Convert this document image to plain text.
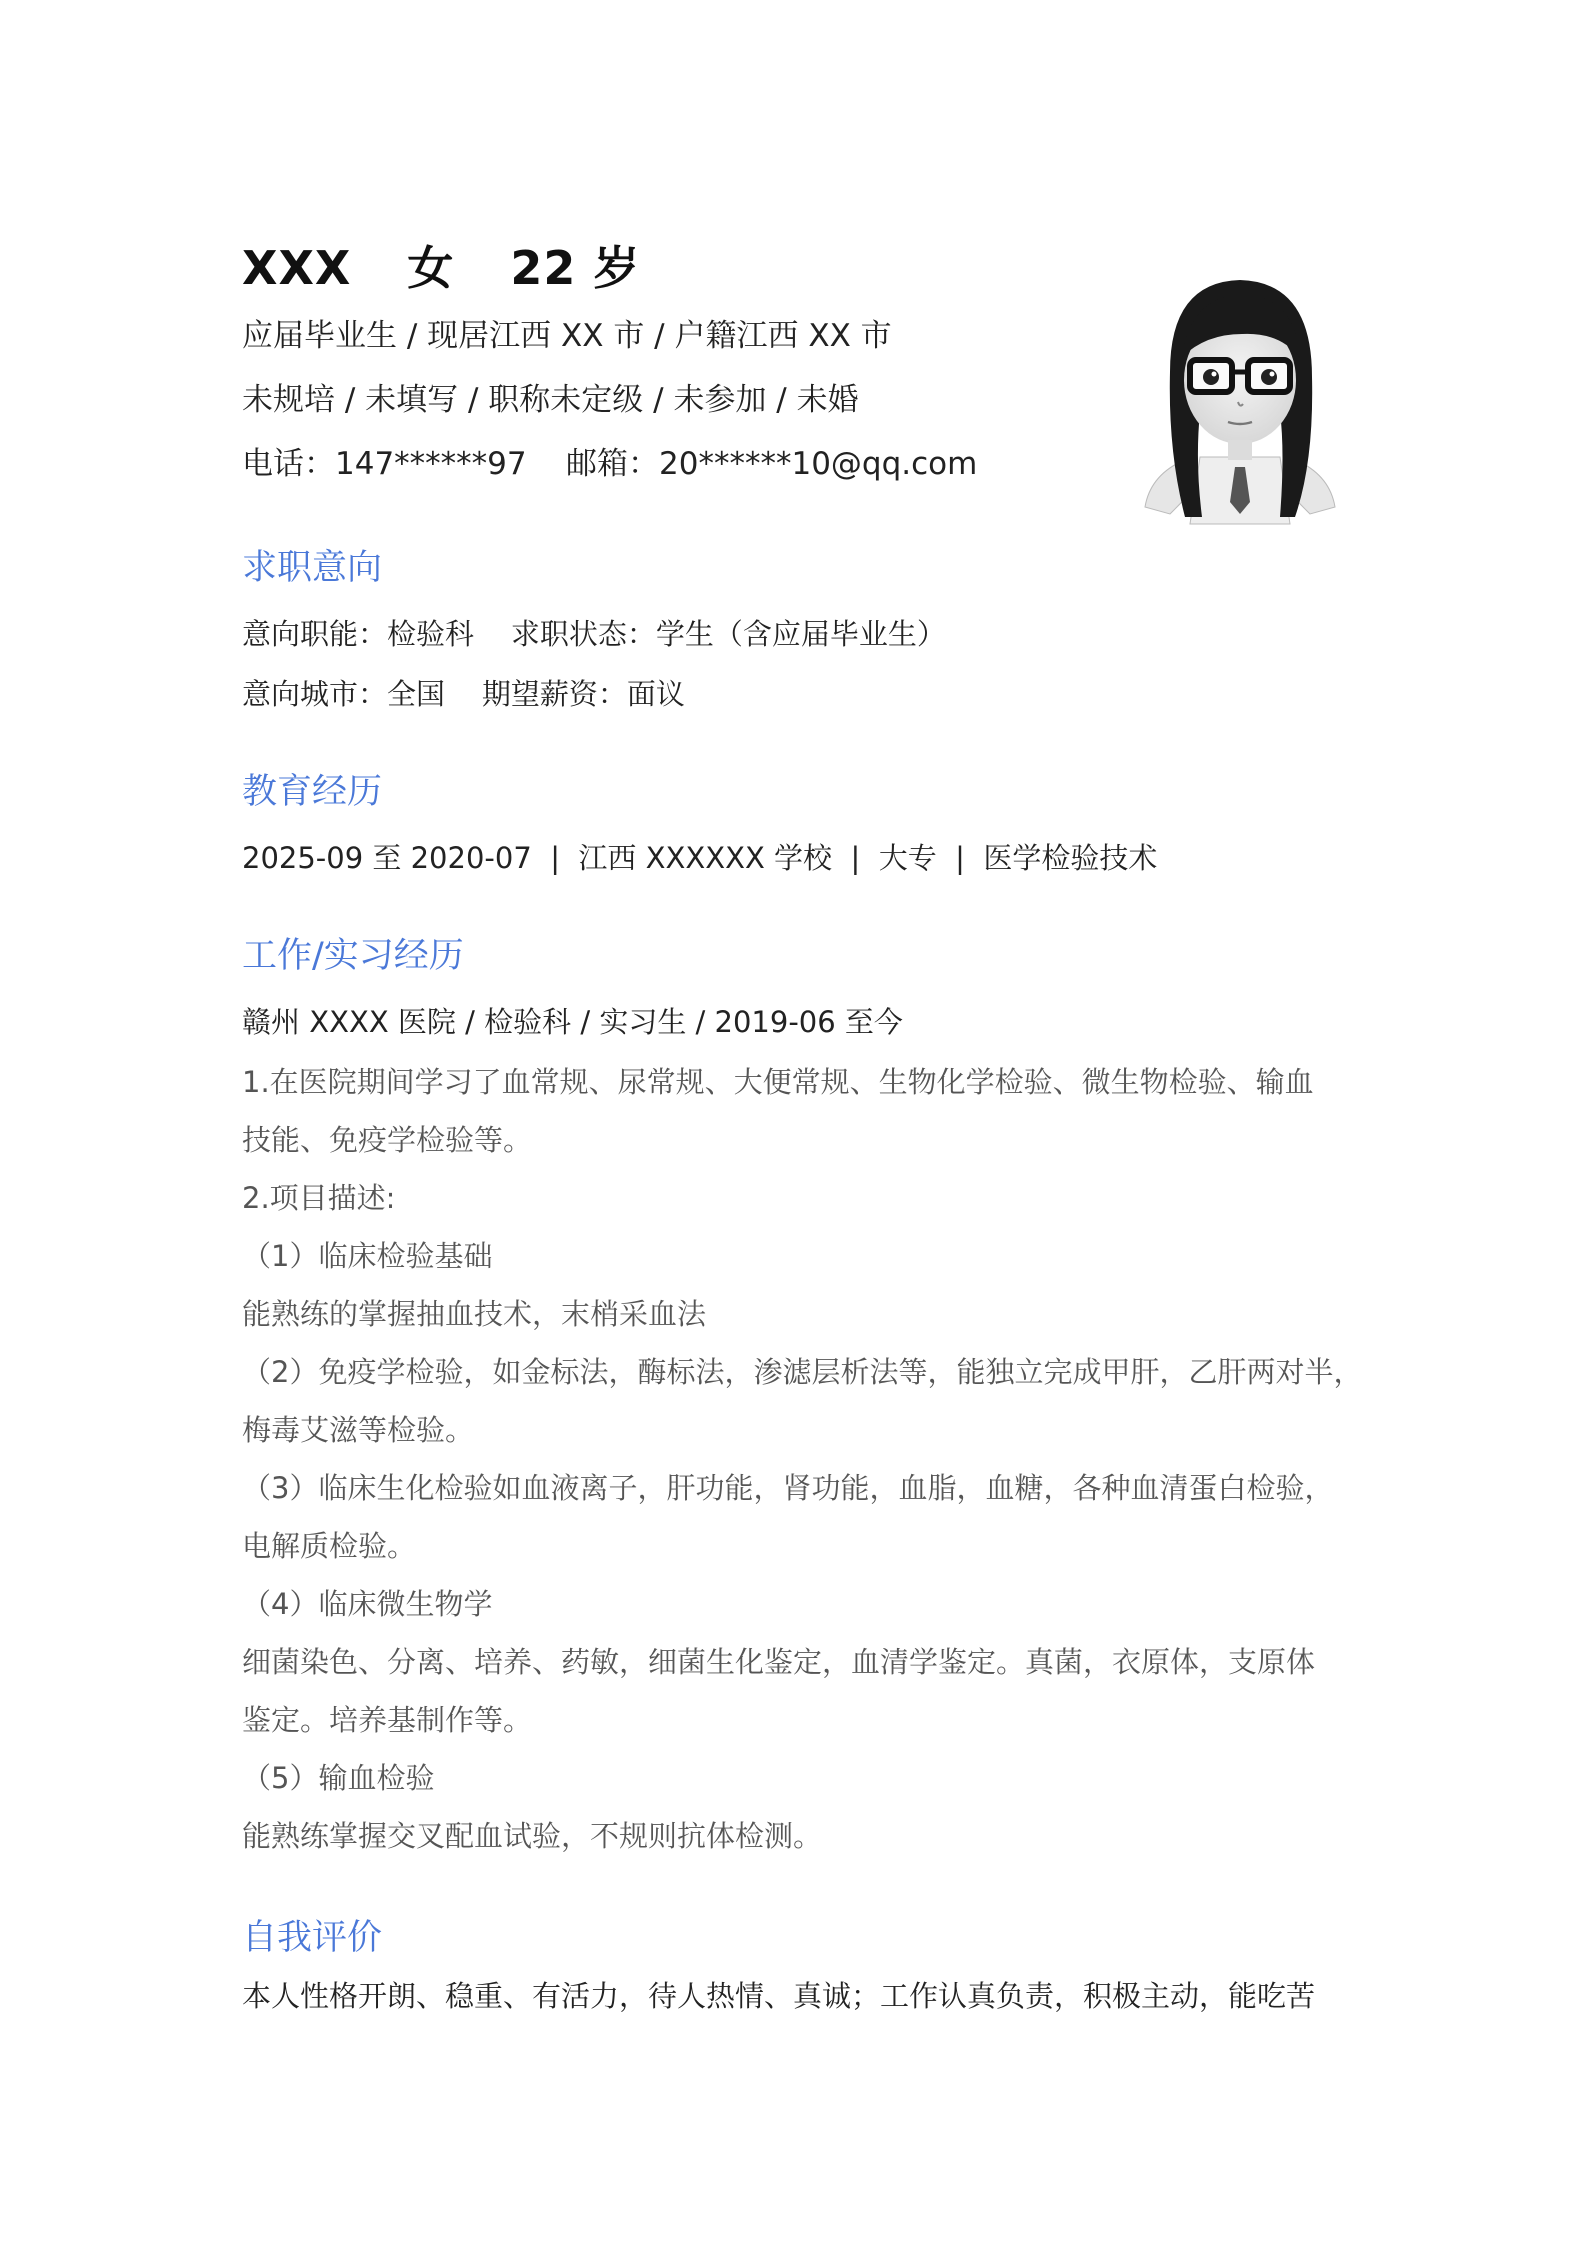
XXX 女 22 岁
应届毕业生 / 现居江西 XX 市 / 户籍江西 XX 市
未规培 / 未填写 / 职称未定级 / 未参加 / 未婚
电话：147******97    邮箱：20******10@qq.com
求职意向
意向职能：检验科    求职状态：学生（含应届毕业生）
意向城市：全国    期望薪资：面议
教育经历
2025-09 至 2020-07  |  江西 XXXXXX 学校  |  大专  |  医学检验技术
工作/实习经历
赣州 XXXX 医院 / 检验科 / 实习生 / 2019-06 至今
1.在医院期间学习了血常规、尿常规、大便常规、生物化学检验、微生物检验、输血
技能、免疫学检验等。
2.项目描述:
（1）临床检验基础
能熟练的掌握抽血技术，末梢采血法
（2）免疫学检验，如金标法，酶标法，渗滤层析法等，能独立完成甲肝，乙肝两对半，
梅毒艾滋等检验。
（3）临床生化检验如血液离子，肝功能，肾功能，血脂，血糖，各种血清蛋白检验，
电解质检验。
（4）临床微生物学
细菌染色、分离、培养、药敏，细菌生化鉴定，血清学鉴定。真菌，衣原体，支原体
鉴定。培养基制作等。
（5）输血检验
能熟练掌握交叉配血试验，不规则抗体检测。
自我评价
本人性格开朗、稳重、有活力，待人热情、真诚；工作认真负责，积极主动，能吃苦
